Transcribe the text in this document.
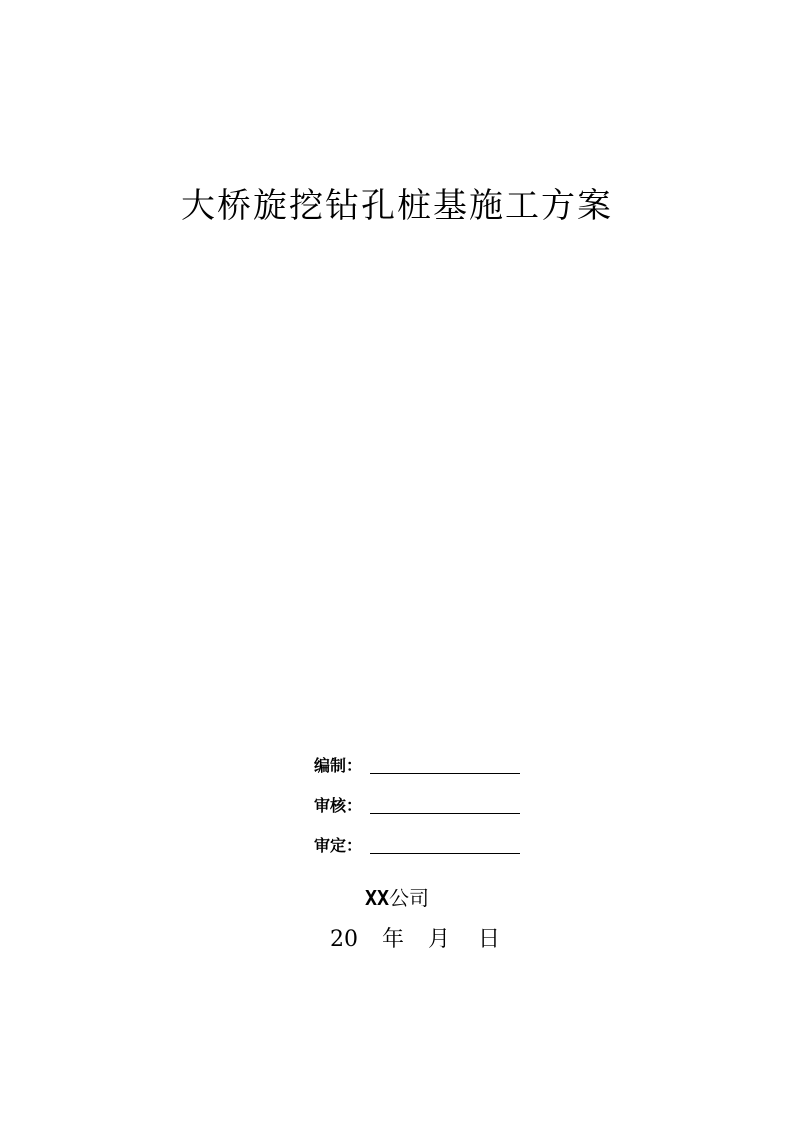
大桥旋挖钻孔桩基施工方案
编制：
审核：
审定：
XX公司
20 年 月 日
